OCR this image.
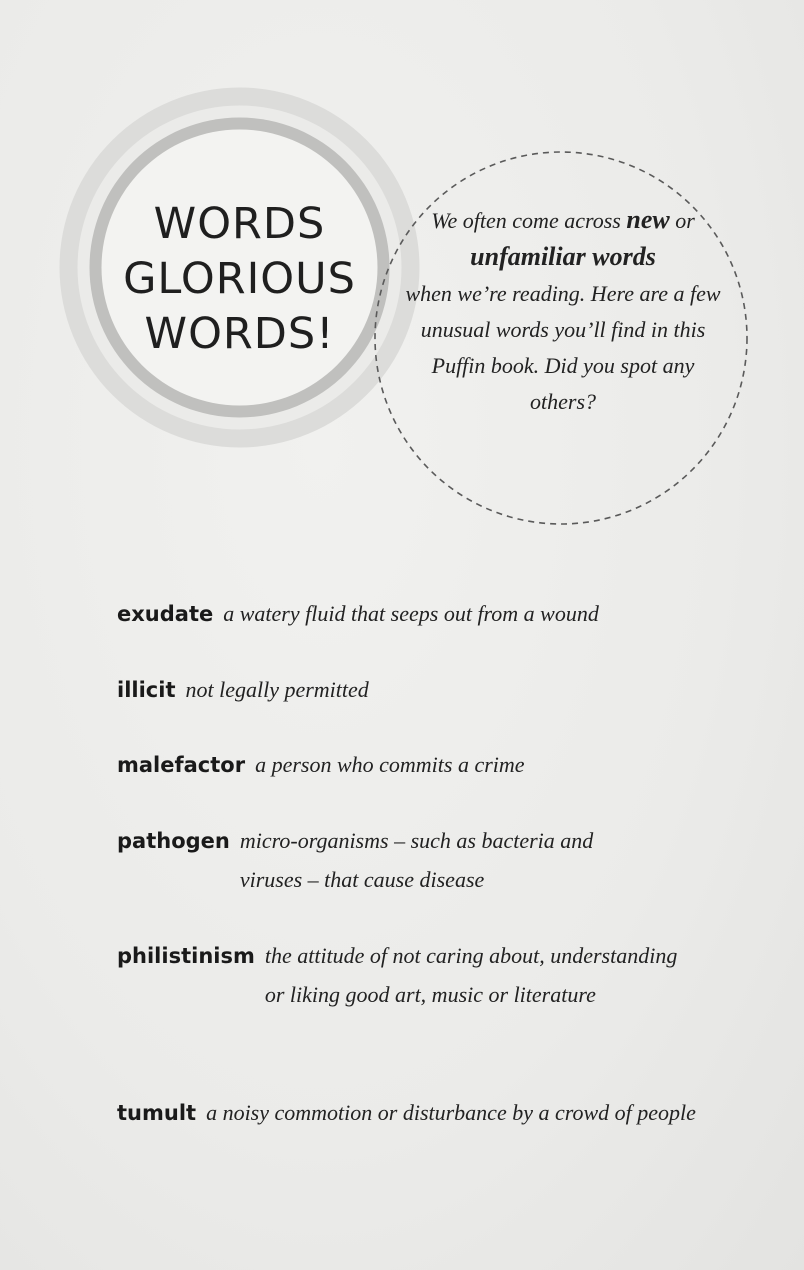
WORDS
GLORIOUS
WORDS!
We often come across new or
unfamiliar words
when we’re reading. Here are a few unusual words you’ll find in this Puffin book. Did you spot any others?
exudate a watery fluid that seeps out from a wound
illicit not legally permitted
malefactor a person who commits a crime
pathogen micro-organisms – such as bacteria and viruses – that cause disease
philistinism the attitude of not caring about, understanding or liking good art, music or literature
tumult a noisy commotion or disturbance by a crowd of people
